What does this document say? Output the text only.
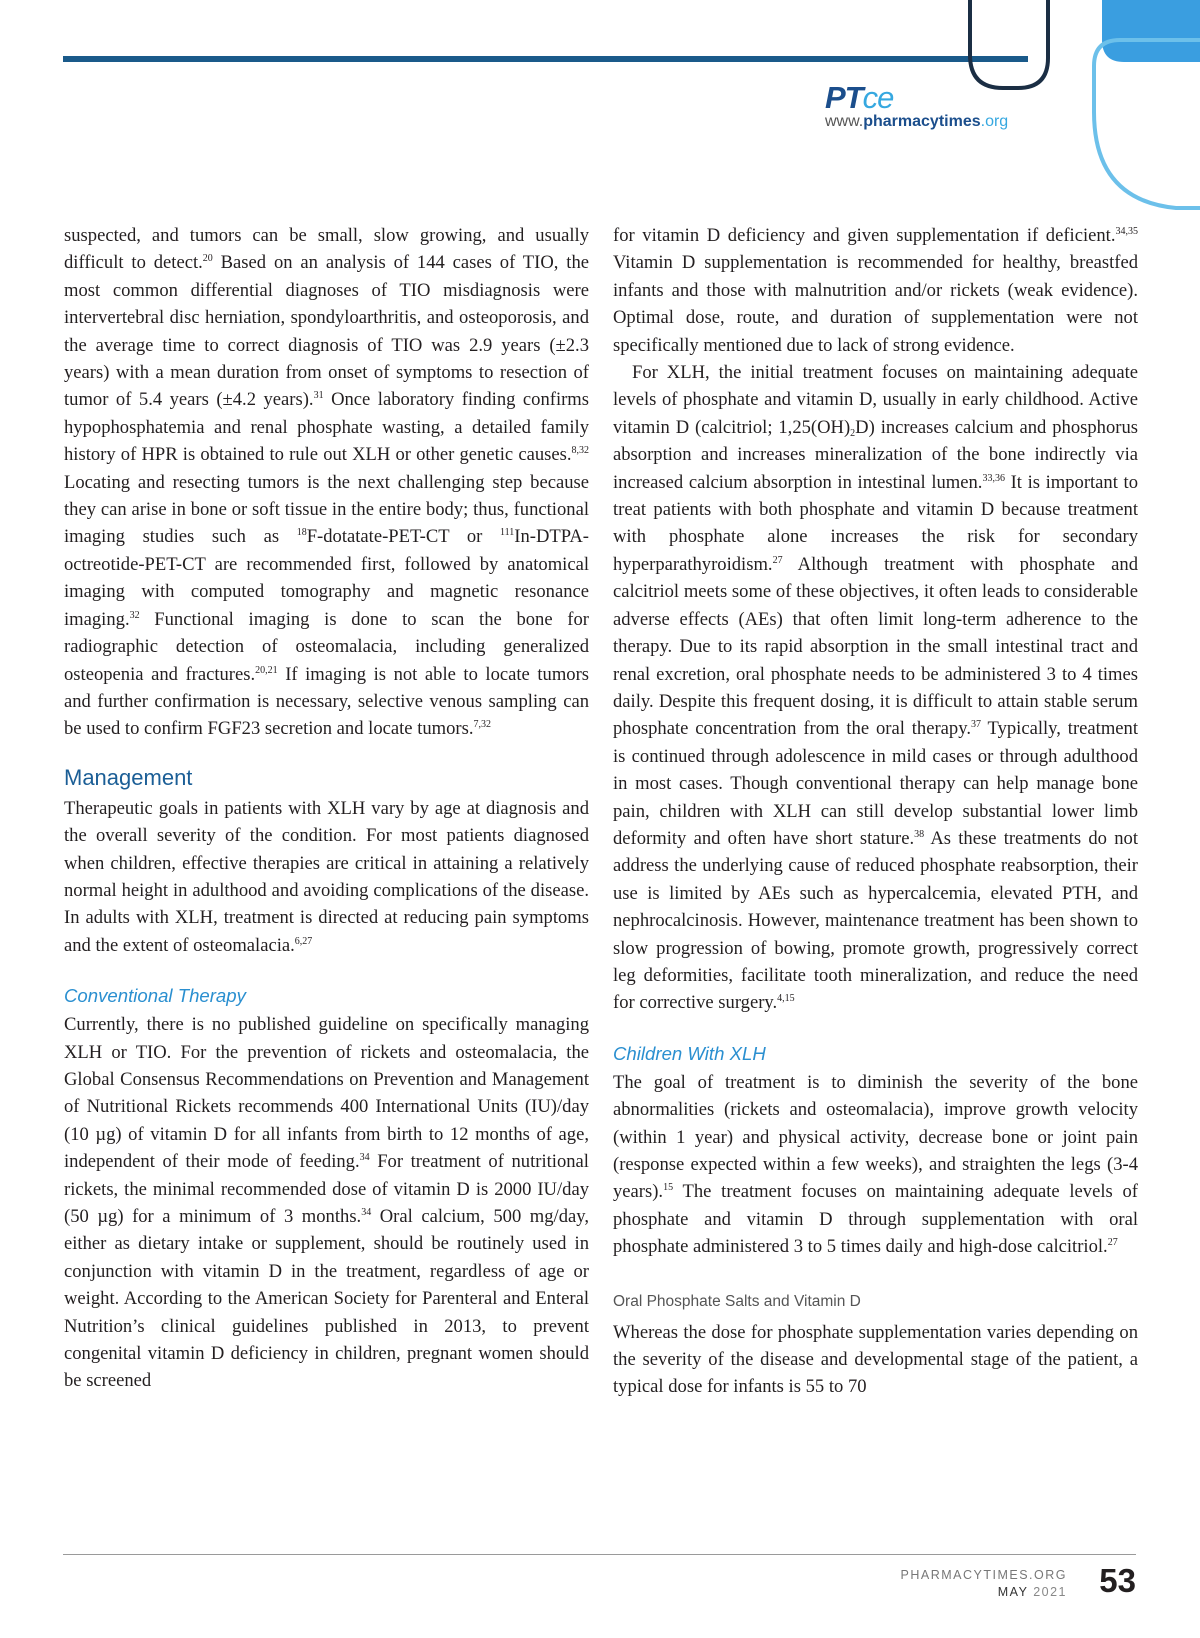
PTce
www.pharmacytimes.org

suspected, and tumors can be small, slow growing, and usually difficult to detect.$^{20}$ Based on an analysis of 144 cases of TIO, the most common differential diagnoses of TIO misdiagnosis were intervertebral disc herniation, spondyloarthritis, and osteoporosis, and the average time to correct diagnosis of TIO was 2.9 years (±2.3 years) with a mean duration from onset of symptoms to resection of tumor of 5.4 years (±4.2 years).$^{31}$ Once laboratory finding confirms hypophosphatemia and renal phosphate wasting, a detailed family history of HPR is obtained to rule out XLH or other genetic causes.$^{8,32}$ Locating and resecting tumors is the next challenging step because they can arise in bone or soft tissue in the entire body; thus, functional imaging studies such as $^{18}$F-dotatate-PET-CT or $^{111}$In-DTPA-octreotide-PET-CT are recommended first, followed by anatomical imaging with computed tomography and magnetic resonance imaging.$^{32}$ Functional imaging is done to scan the bone for radiographic detection of osteomalacia, including generalized osteopenia and fractures.$^{20,21}$ If imaging is not able to locate tumors and further confirmation is necessary, selective venous sampling can be used to confirm FGF23 secretion and locate tumors.$^{7,32}$

Management

Therapeutic goals in patients with XLH vary by age at diagnosis and the overall severity of the condition. For most patients diagnosed when children, effective therapies are critical in attaining a relatively normal height in adulthood and avoiding complications of the disease. In adults with XLH, treatment is directed at reducing pain symptoms and the extent of osteomalacia.$^{6,27}$

Conventional Therapy

Currently, there is no published guideline on specifically managing XLH or TIO. For the prevention of rickets and osteomalacia, the Global Consensus Recommendations on Prevention and Management of Nutritional Rickets recommends 400 International Units (IU)/day (10 µg) of vitamin D for all infants from birth to 12 months of age, independent of their mode of feeding.$^{34}$ For treatment of nutritional rickets, the minimal recommended dose of vitamin D is 2000 IU/day (50 µg) for a minimum of 3 months.$^{34}$ Oral calcium, 500 mg/day, either as dietary intake or supplement, should be routinely used in conjunction with vitamin D in the treatment, regardless of age or weight. According to the American Society for Parenteral and Enteral Nutrition’s clinical guidelines published in 2013, to prevent congenital vitamin D deficiency in children, pregnant women should be screened

for vitamin D deficiency and given supplementation if deficient.$^{34,35}$ Vitamin D supplementation is recommended for healthy, breastfed infants and those with malnutrition and/or rickets (weak evidence). Optimal dose, route, and duration of supplementation were not specifically mentioned due to lack of strong evidence.

For XLH, the initial treatment focuses on maintaining adequate levels of phosphate and vitamin D, usually in early childhood. Active vitamin D (calcitriol; $1,25(OH)_2D$) increases calcium and phosphorus absorption and increases mineralization of the bone indirectly via increased calcium absorption in intestinal lumen.$^{33,36}$ It is important to treat patients with both phosphate and vitamin D because treatment with phosphate alone increases the risk for secondary hyperparathyroidism.$^{27}$ Although treatment with phosphate and calcitriol meets some of these objectives, it often leads to considerable adverse effects (AEs) that often limit long-term adherence to the therapy. Due to its rapid absorption in the small intestinal tract and renal excretion, oral phosphate needs to be administered 3 to 4 times daily. Despite this frequent dosing, it is difficult to attain stable serum phosphate concentration from the oral therapy.$^{37}$ Typically, treatment is continued through adolescence in mild cases or through adulthood in most cases. Though conventional therapy can help manage bone pain, children with XLH can still develop substantial lower limb deformity and often have short stature.$^{38}$ As these treatments do not address the underlying cause of reduced phosphate reabsorption, their use is limited by AEs such as hypercalcemia, elevated PTH, and nephrocalcinosis. However, maintenance treatment has been shown to slow progression of bowing, promote growth, progressively correct leg deformities, facilitate tooth mineralization, and reduce the need for corrective surgery.$^{4,15}$

Children With XLH

The goal of treatment is to diminish the severity of the bone abnormalities (rickets and osteomalacia), improve growth velocity (within 1 year) and physical activity, decrease bone or joint pain (response expected within a few weeks), and straighten the legs (3-4 years).$^{15}$ The treatment focuses on maintaining adequate levels of phosphate and vitamin D through supplementation with oral phosphate administered 3 to 5 times daily and high-dose calcitriol.$^{27}$

Oral Phosphate Salts and Vitamin D

Whereas the dose for phosphate supplementation varies depending on the severity of the disease and developmental stage of the patient, a typical dose for infants is 55 to 70

PHARMACYTIMES.ORG
MAY 2021 53
